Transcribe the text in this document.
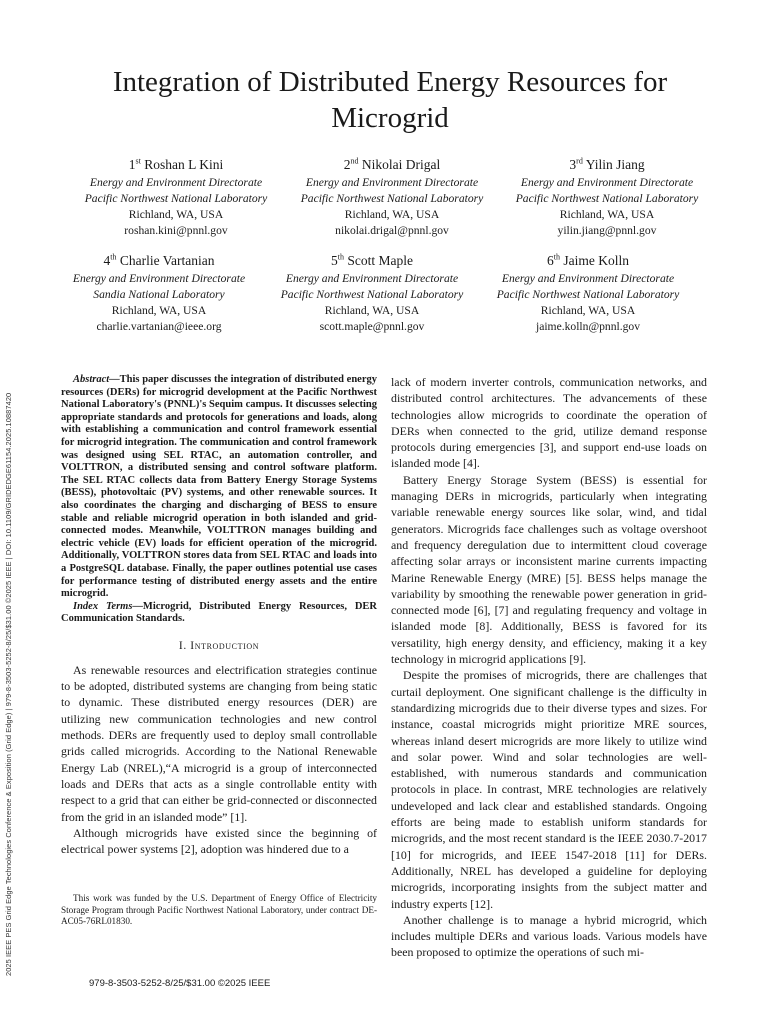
2025 IEEE PES Grid Edge Technologies Conference & Exposition (Grid Edge) | 979-8-3503-5252-8/25/$31.00 ©2025 IEEE | DOI: 10.1109/GRIDEDGE61154.2025.10887420
Integration of Distributed Energy Resources for Microgrid
1st Roshan L Kini
Energy and Environment Directorate
Pacific Northwest National Laboratory
Richland, WA, USA
roshan.kini@pnnl.gov
2nd Nikolai Drigal
Energy and Environment Directorate
Pacific Northwest National Laboratory
Richland, WA, USA
nikolai.drigal@pnnl.gov
3rd Yilin Jiang
Energy and Environment Directorate
Pacific Northwest National Laboratory
Richland, WA, USA
yilin.jiang@pnnl.gov
4th Charlie Vartanian
Energy and Environment Directorate
Sandia National Laboratory
Richland, WA, USA
charlie.vartanian@ieee.org
5th Scott Maple
Energy and Environment Directorate
Pacific Northwest National Laboratory
Richland, WA, USA
scott.maple@pnnl.gov
6th Jaime Kolln
Energy and Environment Directorate
Pacific Northwest National Laboratory
Richland, WA, USA
jaime.kolln@pnnl.gov

Abstract—This paper discusses the integration of distributed energy resources (DERs) for microgrid development at the Pacific Northwest National Laboratory's (PNNL)'s Sequim campus. It discusses selecting appropriate standards and protocols for generations and loads, along with establishing a communication and control framework essential for microgrid integration. The communication and control framework was designed using SEL RTAC, an automation controller, and VOLTTRON, a distributed sensing and control software platform. The SEL RTAC collects data from Battery Energy Storage Systems (BESS), photovoltaic (PV) systems, and other renewable sources. It also coordinates the charging and discharging of BESS to ensure stable and reliable microgrid operation in both islanded and grid-connected modes. Meanwhile, VOLTTRON manages building and electric vehicle (EV) loads for efficient operation of the microgrid. Additionally, VOLTTRON stores data from SEL RTAC and loads into a PostgreSQL database. Finally, the paper outlines potential use cases for performance testing of distributed energy assets and the entire microgrid.

Index Terms—Microgrid, Distributed Energy Resources, DER Communication Standards.

I. Introduction

As renewable resources and electrification strategies continue to be adopted, distributed systems are changing from being static to dynamic. These distributed energy resources (DER) are utilizing new communication technologies and new control methods. DERs are frequently used to deploy small controllable grids called microgrids. According to the National Renewable Energy Lab (NREL),“A microgrid is a group of interconnected loads and DERs that acts as a single controllable entity with respect to a grid that can either be grid-connected or disconnected from the grid in an islanded mode” [1].

Although microgrids have existed since the beginning of electrical power systems [2], adoption was hindered due to a

lack of modern inverter controls, communication networks, and distributed control architectures. The advancements of these technologies allow microgrids to coordinate the operation of DERs when connected to the grid, utilize demand response protocols during emergencies [3], and support end-use loads on islanded mode [4].

Battery Energy Storage System (BESS) is essential for managing DERs in microgrids, particularly when integrating variable renewable energy sources like solar, wind, and tidal generators. Microgrids face challenges such as voltage overshoot and frequency deregulation due to intermittent cloud coverage affecting solar arrays or inconsistent marine currents impacting Marine Renewable Energy (MRE) [5]. BESS helps manage the variability by smoothing the renewable power generation in grid-connected mode [6], [7] and regulating frequency and voltage in islanded mode [8]. Additionally, BESS is favored for its versatility, high energy density, and efficiency, making it a key technology in microgrid applications [9].

Despite the promises of microgrids, there are challenges that curtail deployment. One significant challenge is the difficulty in standardizing microgrids due to their diverse types and sizes. For instance, coastal microgrids might prioritize MRE sources, whereas inland desert microgrids are more likely to utilize wind and solar power. Wind and solar technologies are well-established, with numerous standards and communication protocols in place. In contrast, MRE technologies are relatively undeveloped and lack clear and established standards. Ongoing efforts are being made to establish uniform standards for microgrids, and the most recent standard is the IEEE 2030.7-2017 [10] for microgrids, and IEEE 1547-2018 [11] for DERs. Additionally, NREL has developed a guideline for deploying microgrids, incorporating insights from the subject matter and industry experts [12].

Another challenge is to manage a hybrid microgrid, which includes multiple DERs and various loads. Various models have been proposed to optimize the operations of such mi-

This work was funded by the U.S. Department of Energy Office of Electricity Storage Program through Pacific Northwest National Laboratory, under contract DE-AC05-76RL01830.

979-8-3503-5252-8/25/$31.00 ©2025 IEEE
